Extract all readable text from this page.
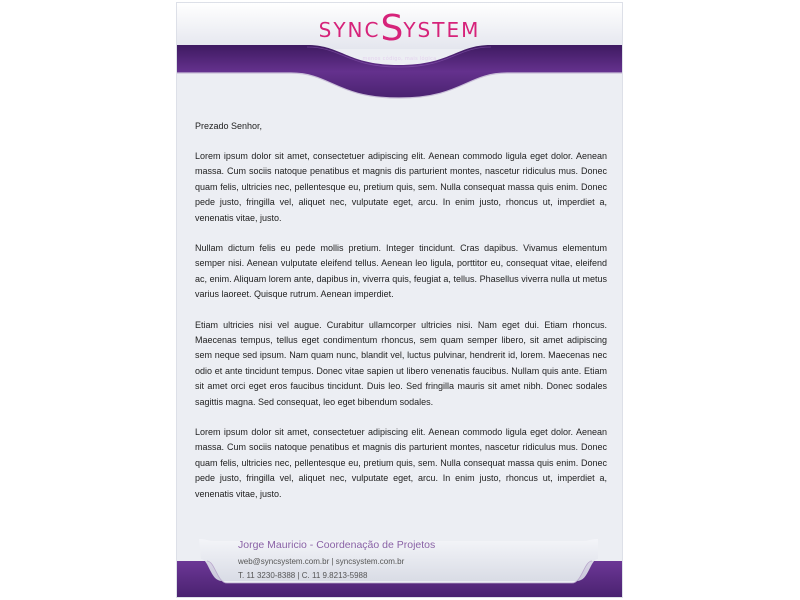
SYNCSYSTEM
menos código, mais lógica

Prezado Senhor,

Lorem ipsum dolor sit amet, consectetuer adipiscing elit. Aenean commodo ligula eget dolor. Aenean massa. Cum sociis natoque penatibus et magnis dis parturient montes, nascetur ridiculus mus. Donec quam felis, ultricies nec, pellentesque eu, pretium quis, sem. Nulla consequat massa quis enim. Donec pede justo, fringilla vel, aliquet nec, vulputate eget, arcu. In enim justo, rhoncus ut, imperdiet a, venenatis vitae, justo.

Nullam dictum felis eu pede mollis pretium. Integer tincidunt. Cras dapibus. Vivamus elementum semper nisi. Aenean vulputate eleifend tellus. Aenean leo ligula, porttitor eu, consequat vitae, eleifend ac, enim. Aliquam lorem ante, dapibus in, viverra quis, feugiat a, tellus. Phasellus viverra nulla ut metus varius laoreet. Quisque rutrum. Aenean imperdiet.

Etiam ultricies nisi vel augue. Curabitur ullamcorper ultricies nisi. Nam eget dui. Etiam rhoncus. Maecenas tempus, tellus eget condimentum rhoncus, sem quam semper libero, sit amet adipiscing sem neque sed ipsum. Nam quam nunc, blandit vel, luctus pulvinar, hendrerit id, lorem. Maecenas nec odio et ante tincidunt tempus. Donec vitae sapien ut libero venenatis faucibus. Nullam quis ante. Etiam sit amet orci eget eros faucibus tincidunt. Duis leo. Sed fringilla mauris sit amet nibh. Donec sodales sagittis magna. Sed consequat, leo eget bibendum sodales.

Lorem ipsum dolor sit amet, consectetuer adipiscing elit. Aenean commodo ligula eget dolor. Aenean massa. Cum sociis natoque penatibus et magnis dis parturient montes, nascetur ridiculus mus. Donec quam felis, ultricies nec, pellentesque eu, pretium quis, sem. Nulla consequat massa quis enim. Donec pede justo, fringilla vel, aliquet nec, vulputate eget, arcu. In enim justo, rhoncus ut, imperdiet a, venenatis vitae, justo.

Jorge Mauricio - Coordenação de Projetos
web@syncsystem.com.br | syncsystem.com.br
T. 11 3230-8388 | C. 11 9.8213-5988
